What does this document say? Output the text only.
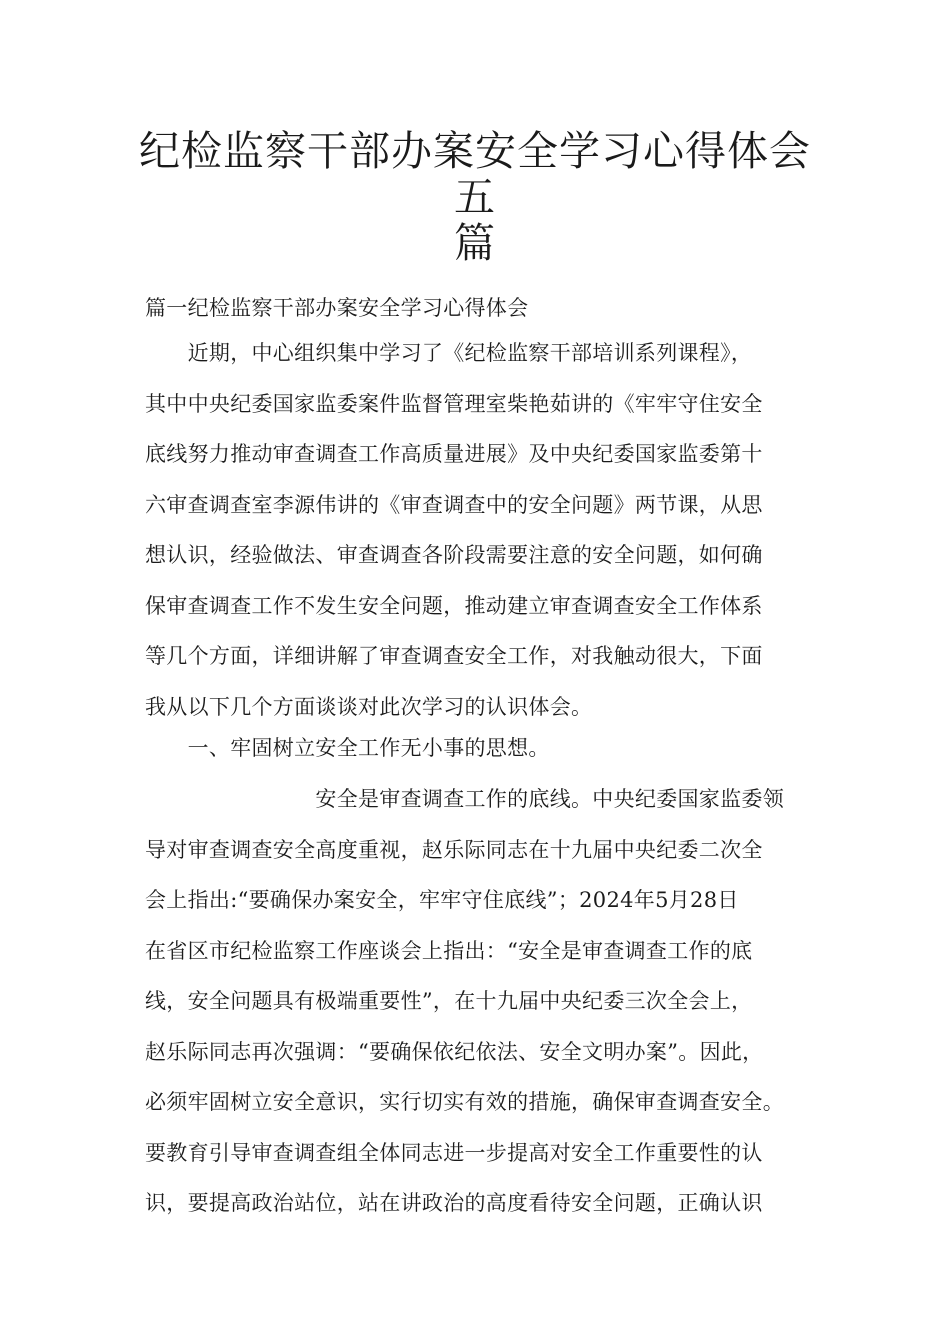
纪检监察干部办案安全学习心得体会五
篇

篇一纪检监察干部办案安全学习心得体会

　　近期，中心组织集中学习了《纪检监察干部培训系列课程》，
其中中央纪委国家监委案件监督管理室柴艳茹讲的《牢牢守住安全
底线努力推动审查调查工作高质量进展》及中央纪委国家监委第十
六审查调查室李源伟讲的《审查调查中的安全问题》两节课，从思
想认识，经验做法、审查调查各阶段需要注意的安全问题，如何确
保审查调查工作不发生安全问题，推动建立审查调查安全工作体系
等几个方面，详细讲解了审查调查安全工作，对我触动很大，下面
我从以下几个方面谈谈对此次学习的认识体会。

　　一、牢固树立安全工作无小事的思想。

　　　　　　　　安全是审查调查工作的底线。中央纪委国家监委领
导对审查调查安全高度重视，赵乐际同志在十九届中央纪委二次全
会上指出:“要确保办案安全，牢牢守住底线”；2024年5月28日
在省区市纪检监察工作座谈会上指出：“安全是审查调查工作的底
线，安全问题具有极端重要性”，在十九届中央纪委三次全会上，
赵乐际同志再次强调：“要确保依纪依法、安全文明办案”。因此，
必须牢固树立安全意识，实行切实有效的措施，确保审查调查安全。
要教育引导审查调查组全体同志进一步提高对安全工作重要性的认
识，要提高政治站位，站在讲政治的高度看待安全问题，正确认识
